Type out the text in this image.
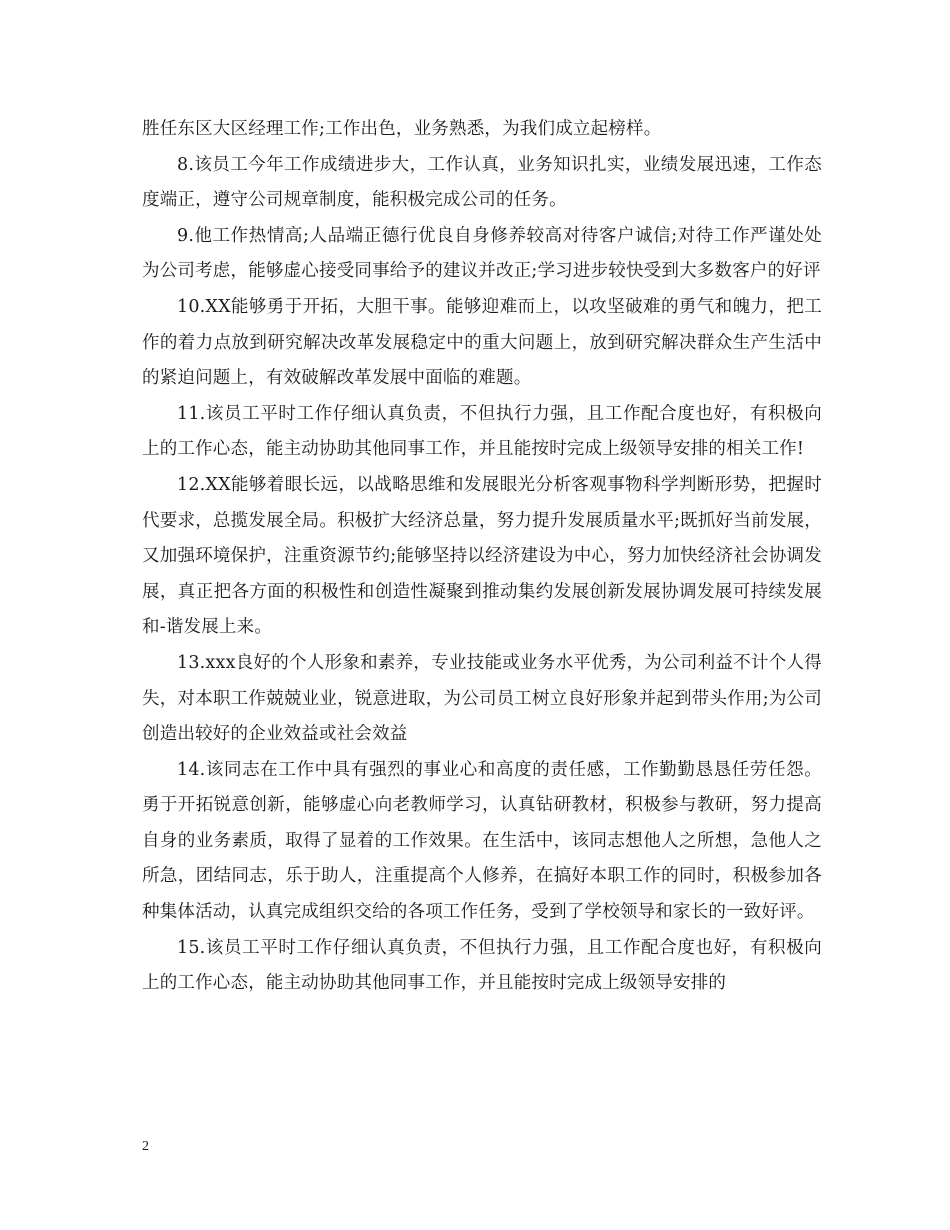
胜任东区大区经理工作;工作出色，业务熟悉，为我们成立起榜样。

8.该员工今年工作成绩进步大，工作认真，业务知识扎实，业绩发展迅速，工作态度端正，遵守公司规章制度，能积极完成公司的任务。

9.他工作热情高;人品端正德行优良自身修养较高对待客户诚信;对待工作严谨处处为公司考虑，能够虚心接受同事给予的建议并改正;学习进步较快受到大多数客户的好评

10.XX能够勇于开拓，大胆干事。能够迎难而上，以攻坚破难的勇气和魄力，把工作的着力点放到研究解决改革发展稳定中的重大问题上，放到研究解决群众生产生活中的紧迫问题上，有效破解改革发展中面临的难题。

11.该员工平时工作仔细认真负责，不但执行力强，且工作配合度也好，有积极向上的工作心态，能主动协助其他同事工作，并且能按时完成上级领导安排的相关工作!

12.XX能够着眼长远，以战略思维和发展眼光分析客观事物科学判断形势，把握时代要求，总揽发展全局。积极扩大经济总量，努力提升发展质量水平;既抓好当前发展，又加强环境保护，注重资源节约;能够坚持以经济建设为中心，努力加快经济社会协调发展，真正把各方面的积极性和创造性凝聚到推动集约发展创新发展协调发展可持续发展和-谐发展上来。

13.xxx良好的个人形象和素养，专业技能或业务水平优秀，为公司利益不计个人得失，对本职工作兢兢业业，锐意进取，为公司员工树立良好形象并起到带头作用;为公司创造出较好的企业效益或社会效益

14.该同志在工作中具有强烈的事业心和高度的责任感，工作勤勤恳恳任劳任怨。勇于开拓锐意创新，能够虚心向老教师学习，认真钻研教材，积极参与教研，努力提高自身的业务素质，取得了显着的工作效果。在生活中，该同志想他人之所想，急他人之所急，团结同志，乐于助人，注重提高个人修养，在搞好本职工作的同时，积极参加各种集体活动，认真完成组织交给的各项工作任务，受到了学校领导和家长的一致好评。

15.该员工平时工作仔细认真负责，不但执行力强，且工作配合度也好，有积极向上的工作心态，能主动协助其他同事工作，并且能按时完成上级领导安排的

2
